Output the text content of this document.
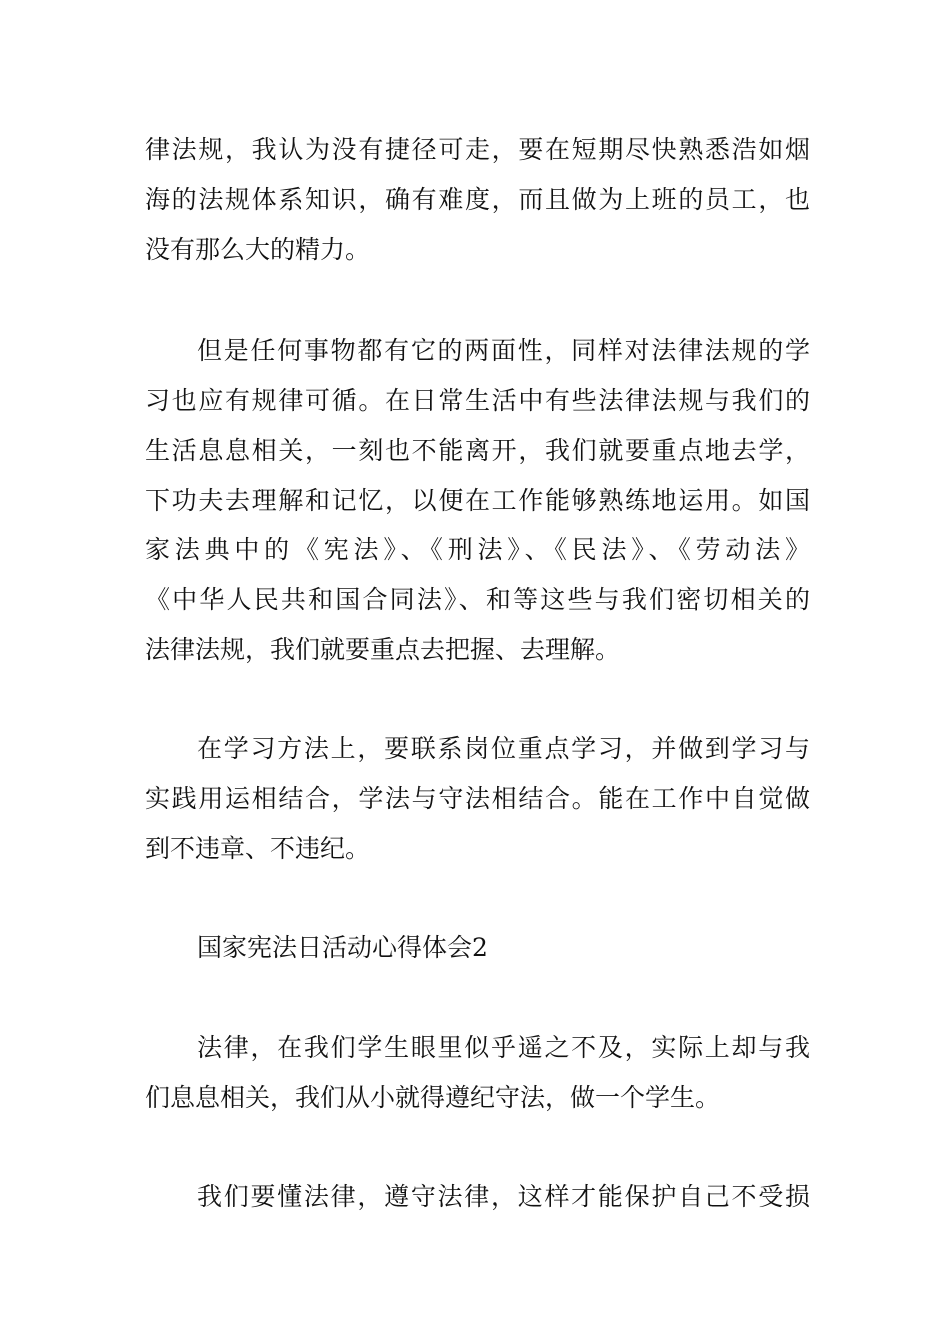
律法规，我认为没有捷径可走，要在短期尽快熟悉浩如烟
海的法规体系知识，确有难度，而且做为上班的员工，也
没有那么大的精力。
但是任何事物都有它的两面性，同样对法律法规的学
习也应有规律可循。在日常生活中有些法律法规与我们的
生活息息相关，一刻也不能离开，我们就要重点地去学，
下功夫去理解和记忆，以便在工作能够熟练地运用。如国
家法典中的《宪法》、《刑法》、《民法》、《劳动法》
《中华人民共和国合同法》、和等这些与我们密切相关的
法律法规，我们就要重点去把握、去理解。
在学习方法上，要联系岗位重点学习，并做到学习与
实践用运相结合，学法与守法相结合。能在工作中自觉做
到不违章、不违纪。
国家宪法日活动心得体会2
法律，在我们学生眼里似乎遥之不及，实际上却与我
们息息相关，我们从小就得遵纪守法，做一个学生。
我们要懂法律，遵守法律，这样才能保护自己不受损
